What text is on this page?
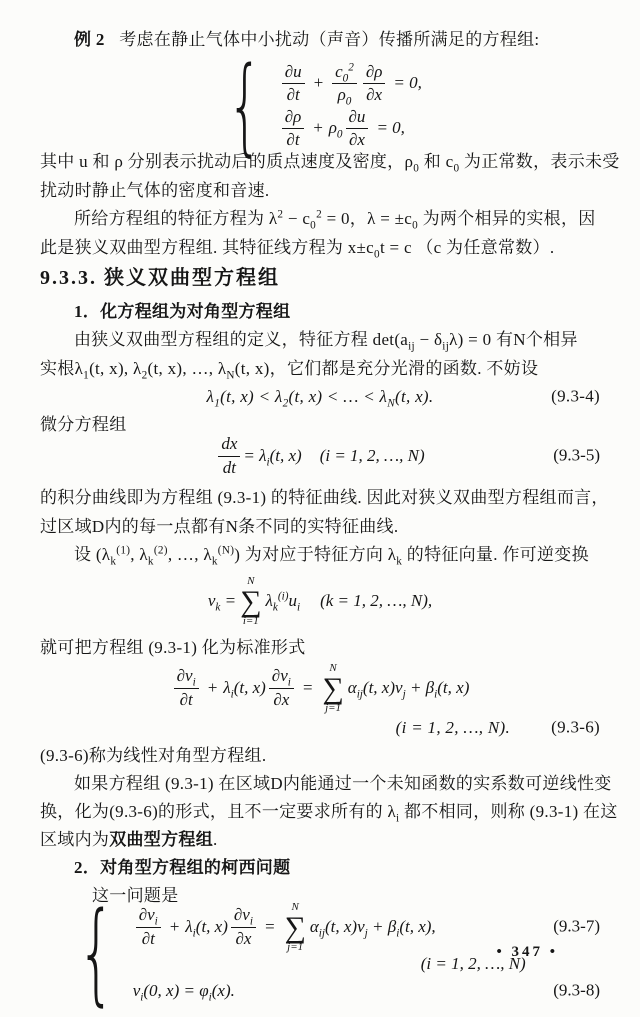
例 2 考虑在静止气体中小扰动（声音）传播所满足的方程组:
{ $\frac{\partial u}{\partial t} + \frac{c_0^2}{\rho_0} \frac{\partial\rho}{\partial x} = 0$,
$\frac{\partial\rho}{\partial t} + \rho_0 \frac{\partial u}{\partial x} = 0$,
其中 u 和 ρ 分别表示扰动后的质点速度及密度，$\rho_0$ 和 $c_0$ 为正常数，表示未受
扰动时静止气体的密度和音速.
所给方程组的特征方程为 $\lambda^2 - c_0^2 = 0$，$\lambda = \pm c_0$ 为两个相异的实根，因
此是狭义双曲型方程组. 其特征线方程为 $x\pm c_0t = c$ （c 为任意常数）.
9.3.3. 狭义双曲型方程组
1．化方程组为对角型方程组
由狭义双曲型方程组的定义，特征方程 $\det(a_{ij} - \delta_{ij}\lambda) = 0$ 有N个相异
实根$\lambda_1(t$, x), $\lambda_2(t$, x), …, $\lambda_N(t$, x)，它们都是充分光滑的函数. 不妨设
$\lambda_1(t$, $x) < \lambda_2(t$, x) < … < $\lambda_N(t$, x).	(9.3-4)
微分方程组
$\frac{dx}{dt} = \lambda_i(t$, x) (i = 1, 2, …, N)	(9.3-5)
的积分曲线即为方程组 (9.3-1) 的特征曲线. 因此对狭义双曲型方程组而言，
过区域D内的每一点都有N条不同的实特征曲线.
设 ($\lambda_k^{(1)}$, $\lambda_k^{(2)}$, …, $\lambda_k^{(N)}$) 为对应于特征方向 $\lambda_k$ 的特征向量. 作可逆变换
$v_k$ =
N
∑
i=1
$\lambda_k^{(i)}u_i$ (k = 1, 2, …, N),
就可把方程组 (9.3-1) 化为标准形式
$\frac{\partial v_i}{\partial t} + \lambda_i(t$, $x) \frac{\partial v_i}{\partial x}$ =
N
∑
j=1
$\alpha_{ij}(t$, $x)v_j + \beta_i(t$, x)
(i = 1, 2, …, N). (9.3-6)
(9.3-6)称为线性对角型方程组.
如果方程组 (9.3-1) 在区域D内能通过一个未知函数的实系数可逆线性变
换，化为(9.3-6)的形式，且不一定要求所有的 $\lambda_i$ 都不相同，则称 (9.3-1) 在这
区域内为双曲型方程组.
2．对角型方程组的柯西问题
这一问题是
{ $\frac{\partial v_i}{\partial t} + \lambda_i(t$, $x) \frac{\partial v_i}{\partial x}$ =
N
∑
j=1
$\alpha_{ij}(t$, $x)v_j + \beta_i(t$, x),	(9.3-7)
(i = 1, 2, …, N)
$v_i(0$, $x) = \varphi_i(x)$.	(9.3-8)
• 347 •
